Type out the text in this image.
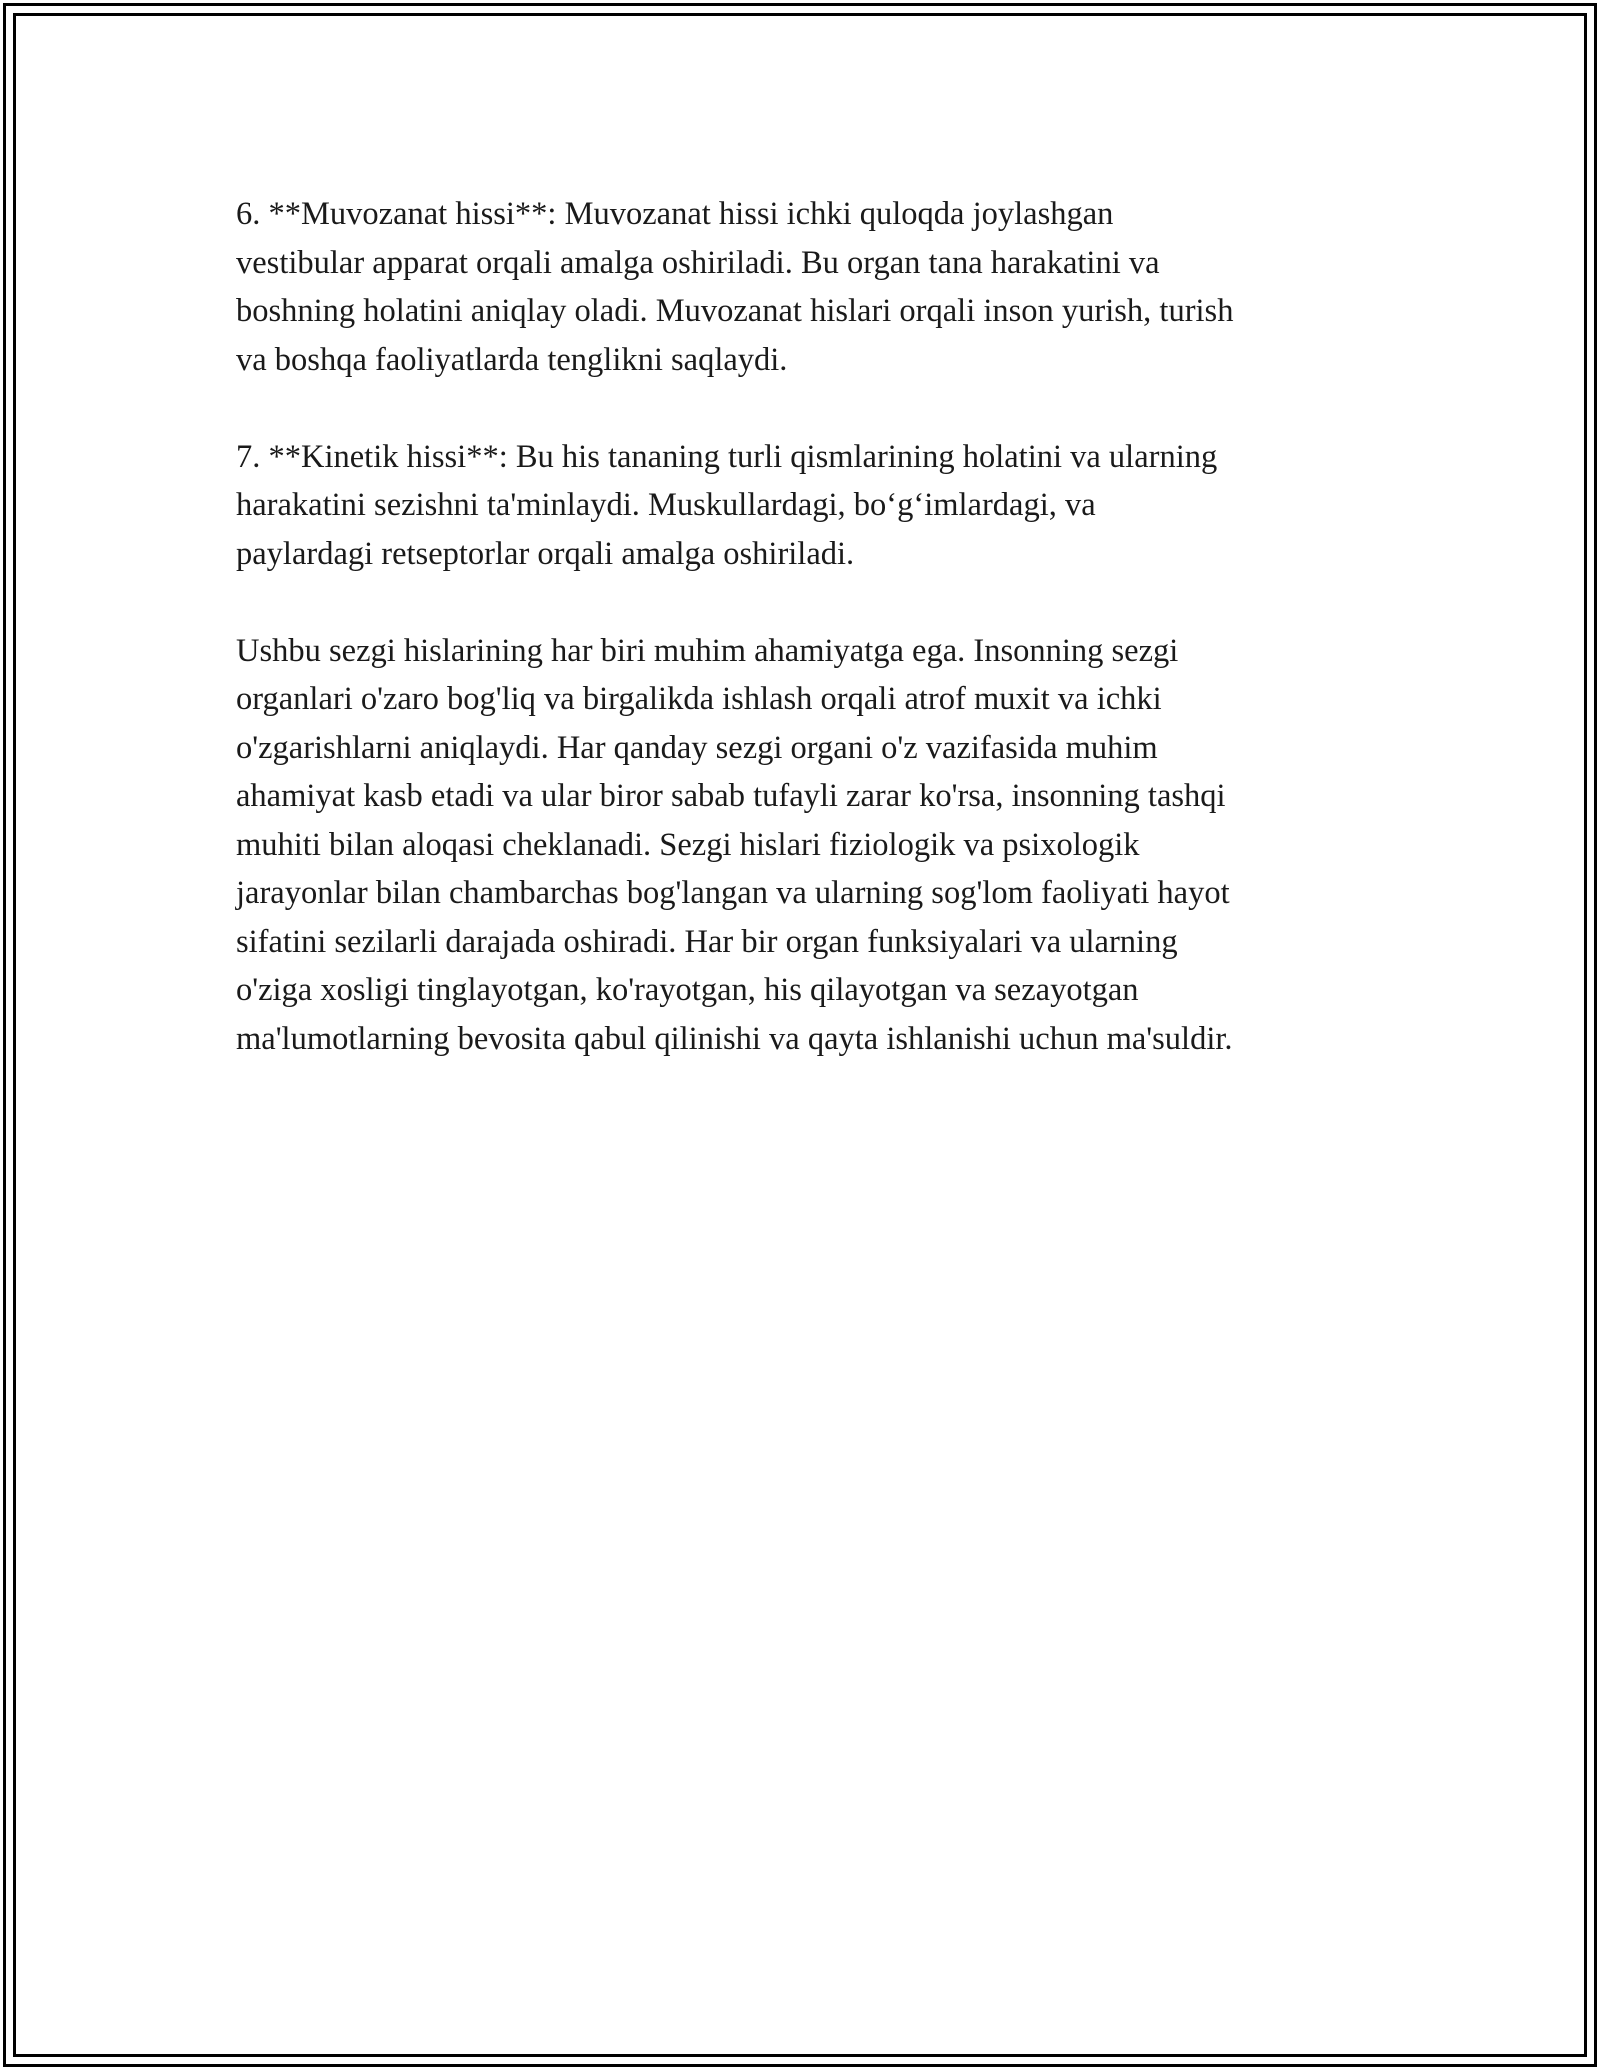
6. **Muvozanat hissi**: Muvozanat hissi ichki quloqda joylashgan
vestibular apparat orqali amalga oshiriladi. Bu organ tana harakatini va
boshning holatini aniqlay oladi. Muvozanat hislari orqali inson yurish, turish
va boshqa faoliyatlarda tenglikni saqlaydi.

7. **Kinetik hissi**: Bu his tananing turli qismlarining holatini va ularning
harakatini sezishni ta'minlaydi. Muskullardagi, bo‘g‘imlardagi, va
paylardagi retseptorlar orqali amalga oshiriladi.

Ushbu sezgi hislarining har biri muhim ahamiyatga ega. Insonning sezgi
organlari o'zaro bog'liq va birgalikda ishlash orqali atrof muxit va ichki
o'zgarishlarni aniqlaydi. Har qanday sezgi organi o'z vazifasida muhim
ahamiyat kasb etadi va ular biror sabab tufayli zarar ko'rsa, insonning tashqi
muhiti bilan aloqasi cheklanadi. Sezgi hislari fiziologik va psixologik
jarayonlar bilan chambarchas bog'langan va ularning sog'lom faoliyati hayot
sifatini sezilarli darajada oshiradi. Har bir organ funksiyalari va ularning
o'ziga xosligi tinglayotgan, ko'rayotgan, his qilayotgan va sezayotgan
ma'lumotlarning bevosita qabul qilinishi va qayta ishlanishi uchun ma'suldir.
